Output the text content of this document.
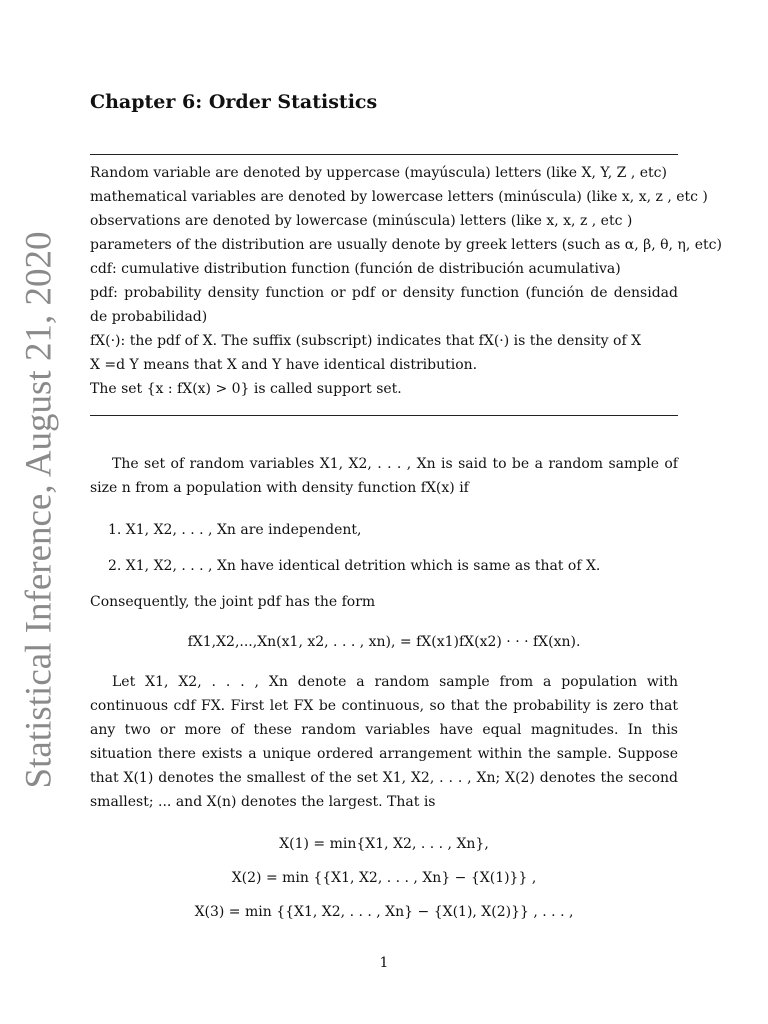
Statistical Inference, August 21, 2020
Chapter 6: Order Statistics
Random variable are denoted by uppercase (mayúscula) letters (like X, Y, Z , etc)
mathematical variables are denoted by lowercase letters (minúscula) (like x, x, z , etc )
observations are denoted by lowercase (minúscula) letters (like x, x, z , etc )
parameters of the distribution are usually denote by greek letters (such as α, β, θ, η, etc)
cdf: cumulative distribution function (función de distribución acumulativa)
pdf: probability density function or pdf or density function (función de densidad de probabilidad)
fX(·): the pdf of X. The suffix (subscript) indicates that fX(·) is the density of X
X =d Y means that X and Y have identical distribution.
The set {x : fX(x) > 0} is called support set.

The set of random variables X1, X2, . . . , Xn is said to be a random sample of size n from a population with density function fX(x) if

1. X1, X2, . . . , Xn are independent,
2. X1, X2, . . . , Xn have identical detrition which is same as that of X.

Consequently, the joint pdf has the form

fX1,X2,...,Xn(x1, x2, . . . , xn), = fX(x1)fX(x2) · · · fX(xn).

Let X1, X2, . . . , Xn denote a random sample from a population with continuous cdf FX. First let FX be continuous, so that the probability is zero that any two or more of these random variables have equal magnitudes. In this situation there exists a unique ordered arrangement within the sample. Suppose that X(1) denotes the smallest of the set X1, X2, . . . , Xn; X(2) denotes the second smallest; ... and X(n) denotes the largest. That is

X(1) = min{X1, X2, . . . , Xn},
X(2) = min {{X1, X2, . . . , Xn} − {X(1)}} ,
X(3) = min {{X1, X2, . . . , Xn} − {X(1), X(2)}} , . . . ,
1
